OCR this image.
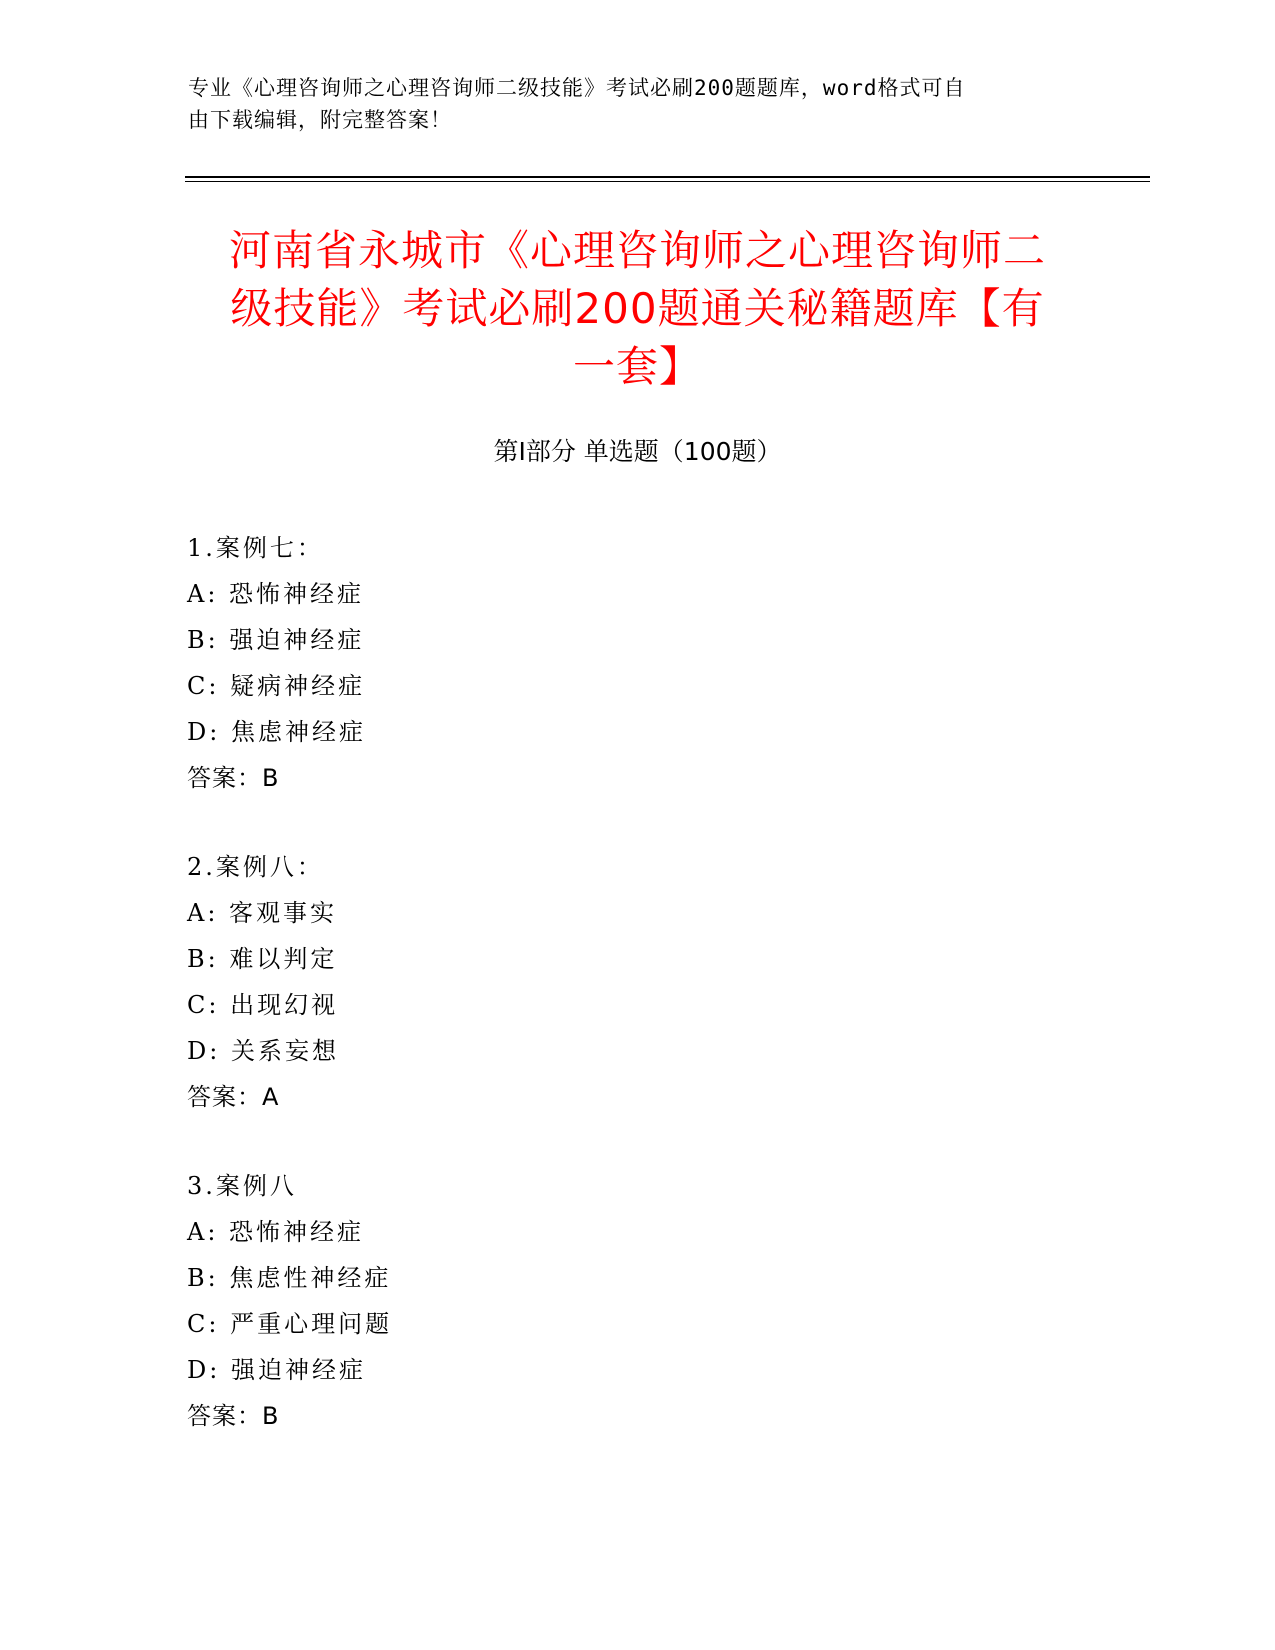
专业《心理咨询师之心理咨询师二级技能》考试必刷200题题库，word格式可自
由下载编辑，附完整答案！
河南省永城市《心理咨询师之心理咨询师二
级技能》考试必刷200题通关秘籍题库【有
一套】
第I部分 单选题（100题）
1.案例七：
A: 恐怖神经症
B: 强迫神经症
C: 疑病神经症
D: 焦虑神经症
答案：B
2.案例八：
A: 客观事实
B: 难以判定
C: 出现幻视
D: 关系妄想
答案：A
3.案例八
A: 恐怖神经症
B: 焦虑性神经症
C: 严重心理问题
D: 强迫神经症
答案：B
